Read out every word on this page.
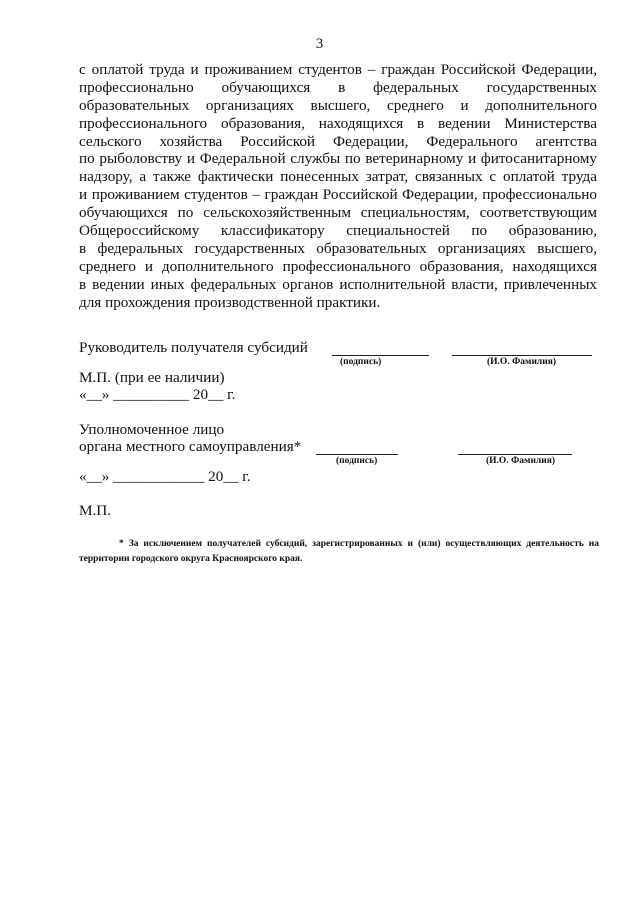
3
с оплатой труда и проживанием студентов – граждан Российской Федерации,
профессионально обучающихся в федеральных государственных
образовательных организациях высшего, среднего и дополнительного
профессионального образования, находящихся в ведении Министерства
сельского хозяйства Российской Федерации, Федерального агентства
по рыболовству и Федеральной службы по ветеринарному и фитосанитарному
надзору, а также фактически понесенных затрат, связанных с оплатой труда
и проживанием студентов – граждан Российской Федерации, профессионально
обучающихся по сельскохозяйственным специальностям, соответствующим
Общероссийскому классификатору специальностей по образованию,
в федеральных государственных образовательных организациях высшего,
среднего и дополнительного профессионального образования, находящихся
в ведении иных федеральных органов исполнительной власти, привлеченных
для прохождения производственной практики.
Руководитель получателя субсидий
(подпись)	(И.О. Фамилия)
М.П. (при ее наличии)
«__» __________ 20__ г.
Уполномоченное лицо
органа местного самоуправления*
(подпись)	(И.О. Фамилия)
«__» ____________ 20__ г.
М.П.
* За исключением получателей субсидий, зарегистрированных и (или) осуществляющих деятельность на территории городского округа Красноярского края.
